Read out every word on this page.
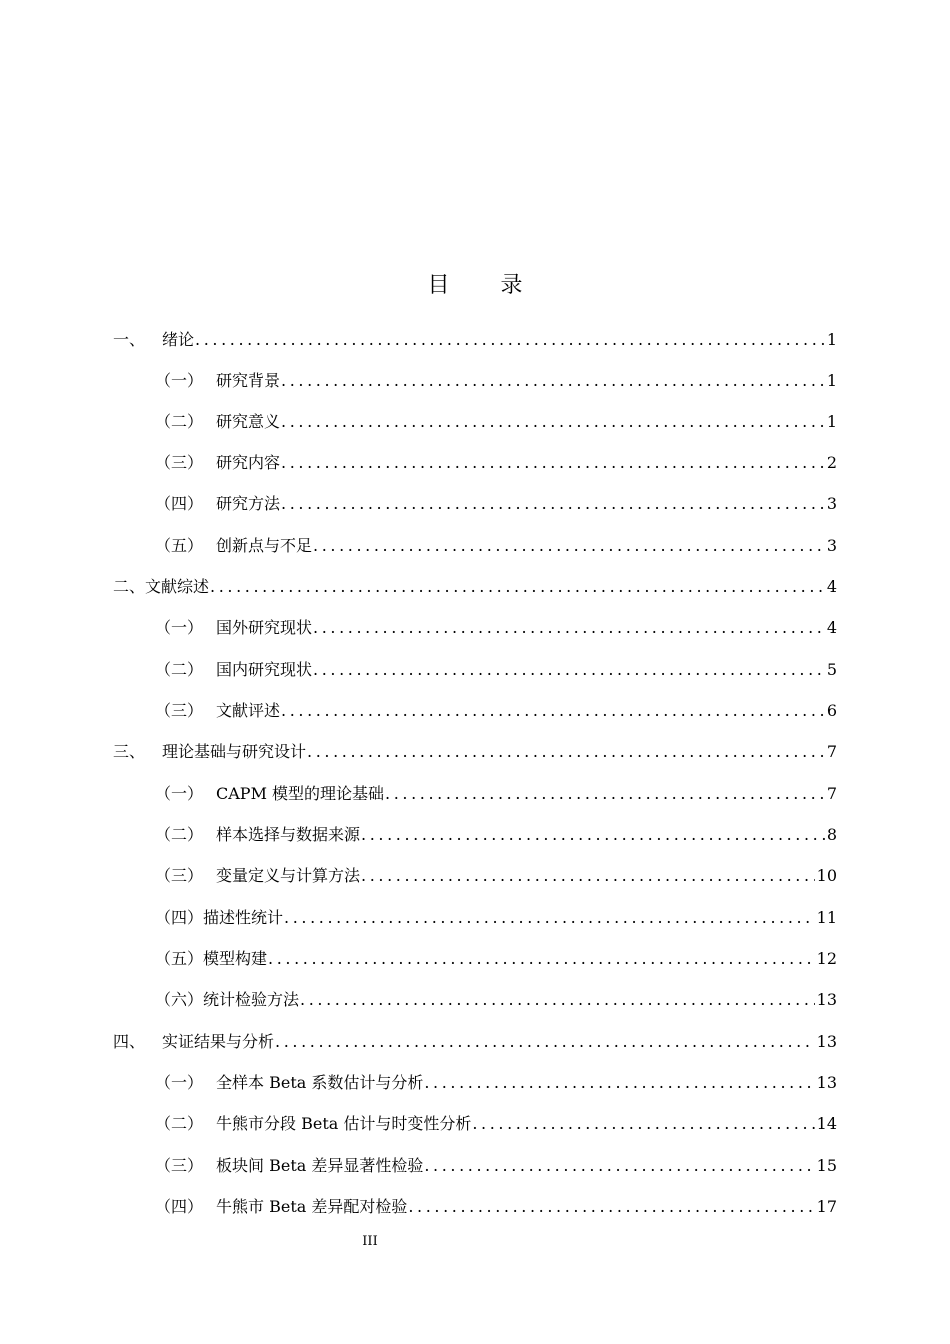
目 录
一、	绪论 .....	1
（一） 研究背景 .....	1
（二） 研究意义 .....	1
（三） 研究内容 .....	2
（四） 研究方法 .....	3
（五） 创新点与不足 .....	3
二、 文献综述 .....	4
（一） 国外研究现状 .....	4
（二） 国内研究现状 .....	5
（三） 文献评述 .....	6
三、	理论基础与研究设计 .....	7
（一） CAPM 模型的理论基础 .....	7
（二） 样本选择与数据来源 .....	8
（三） 变量定义与计算方法 .....	10
（四） 描述性统计 .....	11
（五） 模型构建 .....	12
（六） 统计检验方法 .....	13
四、	实证结果与分析 .....	13
（一） 全样本 Beta 系数估计与分析 .....	13
（二） 牛熊市分段 Beta 估计与时变性分析 .....	14
（三） 板块间 Beta 差异显著性检验 .....	15
（四） 牛熊市 Beta 差异配对检验 .....	17
III
